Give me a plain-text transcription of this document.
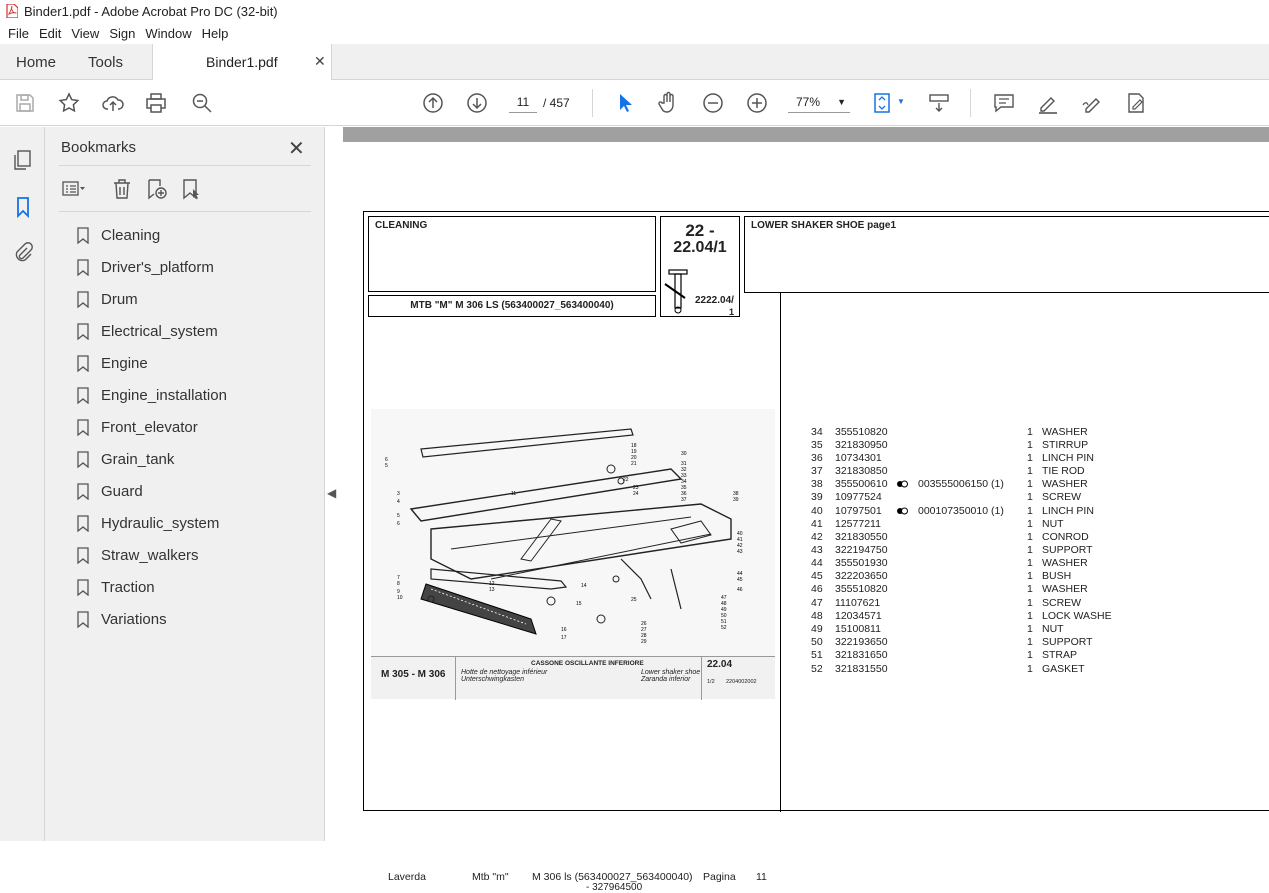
Binder1.pdf - Adobe Acrobat Pro DC (32-bit)
File Edit View Sign Window Help
Home Tools	Binder1.pdf	✕
11	/ 457	77% ▼	▼
Bookmarks	✕
Cleaning
Driver's_platform
Drum
Electrical_system
Engine
Engine_installation
Front_elevator
Grain_tank
Guard
Hydraulic_system
Straw_walkers
Traction
Variations
◀
CLEANING
MTB "M" M 306 LS (563400027_563400040)
22 -
22.04/1
2222.04/
1
LOWER SHAKER SHOE page1
6
5
3
4
5
6
7
8
9
10
11
12
13
14
15
16
17
18
19
20
21
22
23
24
25
26
27
28
29
30
31
32
33
34
35
36
37
38
39
40
41
42
43
44
45
46
47
48
49
50
51
52
M 305 - M 306
CASSONE OSCILLANTE INFERIORE
Hotte de nettoyage inférieur
Unterschwingkasten
Lower shaker shoe
Zaranda inferior
22.04
1/2 2204002002
34 355510820	1 WASHER
35 321830950	1 STIRRUP
36 10734301	1 LINCH PIN
37 321830850	1 TIE ROD
38 355500610	003555006150 (1) 1 WASHER
39 10977524	1 SCREW
40 10797501	000107350010 (1) 1 LINCH PIN
41 12577211	1 NUT
42 321830550	1 CONROD
43 322194750	1 SUPPORT
44 355501930	1 WASHER
45 322203650	1 BUSH
46 355510820	1 WASHER
47 11107621	1 SCREW
48 12034571	1 LOCK WASHE
49 15100811	1 NUT
50 322193650	1 SUPPORT
51 321831650	1 STRAP
52 321831550	1 GASKET
Laverda	Mtb "m" M 306 ls (563400027_563400040)
- 327964500
Pagina 11
